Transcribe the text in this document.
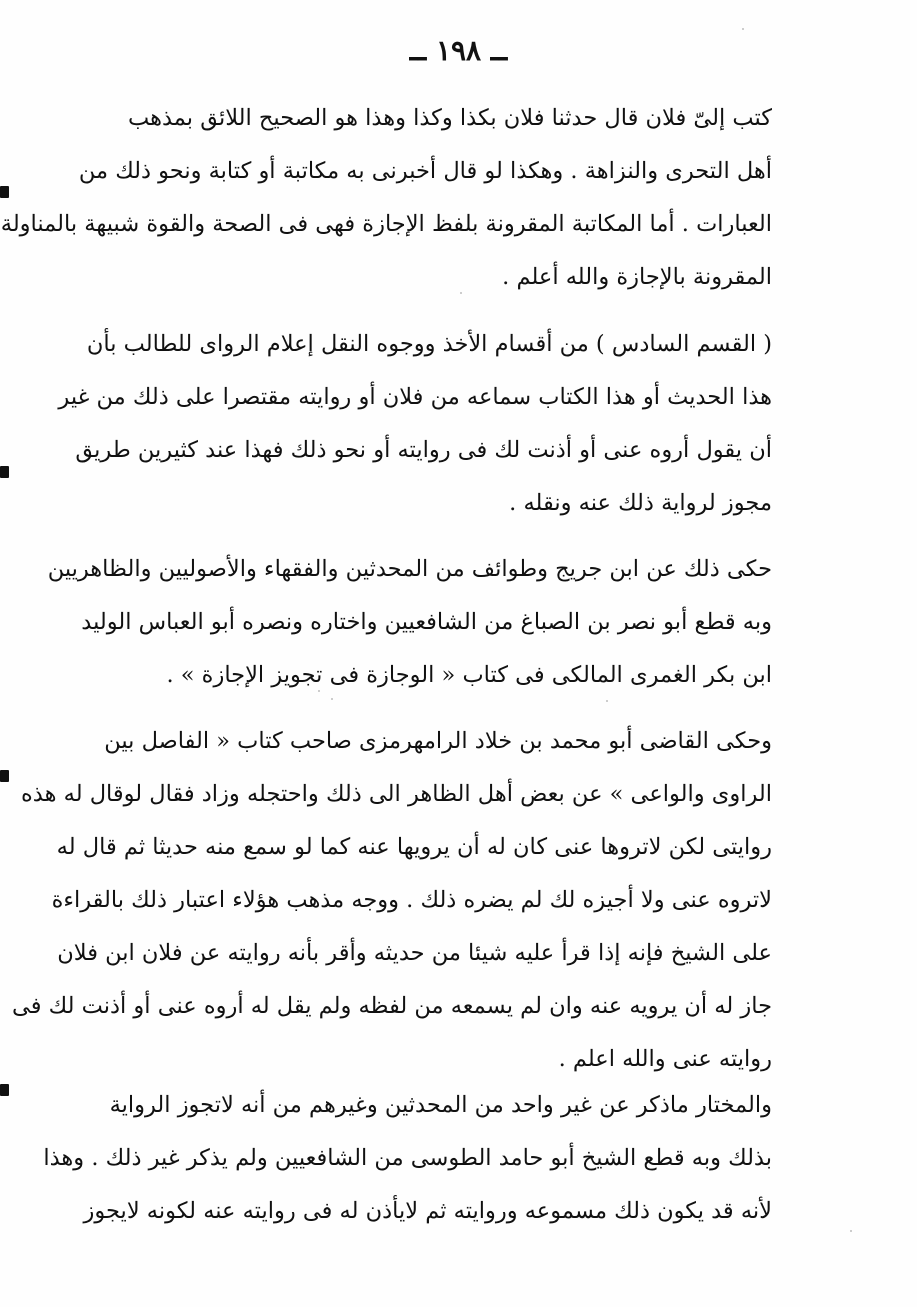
ــ ١٩٨ ــ
كتب إلىّ فلان قال حدثنا فلان بكذا وكذا وهذا هو الصحيح اللائق بمذهب
أهل التحرى والنزاهة . وهكذا لو قال أخبرنى به مكاتبة أو كتابة ونحو ذلك من
العبارات . أما المكاتبة المقرونة بلفظ الإجازة فهى فى الصحة والقوة شبيهة بالمناولة
المقرونة بالإجازة والله أعلم .
( القسم السادس ) من أقسام الأخذ ووجوه النقل إعلام الرواى للطالب بأن
هذا الحديث أو هذا الكتاب سماعه من فلان أو روايته مقتصرا على ذلك من غير
أن يقول أروه عنى أو أذنت لك فى روايته أو نحو ذلك فهذا عند كثيرين طريق
مجوز لرواية ذلك عنه ونقله .
حكى ذلك عن ابن جريج وطوائف من المحدثين والفقهاء والأصوليين والظاهريين
وبه قطع أبو نصر بن الصباغ من الشافعيين واختاره ونصره أبو العباس الوليد
ابن بكر الغمرى المالكى فى كتاب « الوجازة فى تجويز الإجازة » .
وحكى القاضى أبو محمد بن خلاد الرامهرمزى صاحب كتاب « الفاصل بين
الراوى والواعى » عن بعض أهل الظاهر الى ذلك واحتجله وزاد فقال لوقال له هذه
روايتى لكن لاتروها عنى كان له أن يرويها عنه كما لو سمع منه حديثا ثم قال له
لاتروه عنى ولا أجيزه لك لم يضره ذلك . ووجه مذهب هؤلاء اعتبار ذلك بالقراءة
على الشيخ فإنه إذا قرأ عليه شيئا من حديثه وأقر بأنه روايته عن فلان ابن فلان
جاز له أن يرويه عنه وان لم يسمعه من لفظه ولم يقل له أروه عنى أو أذنت لك فى
روايته عنى والله اعلم .
والمختار ماذكر عن غير واحد من المحدثين وغيرهم من أنه لاتجوز الرواية
بذلك وبه قطع الشيخ أبو حامد الطوسى من الشافعيين ولم يذكر غير ذلك . وهذا
لأنه قد يكون ذلك مسموعه وروايته ثم لايأذن له فى روايته عنه لكونه لايجوز
